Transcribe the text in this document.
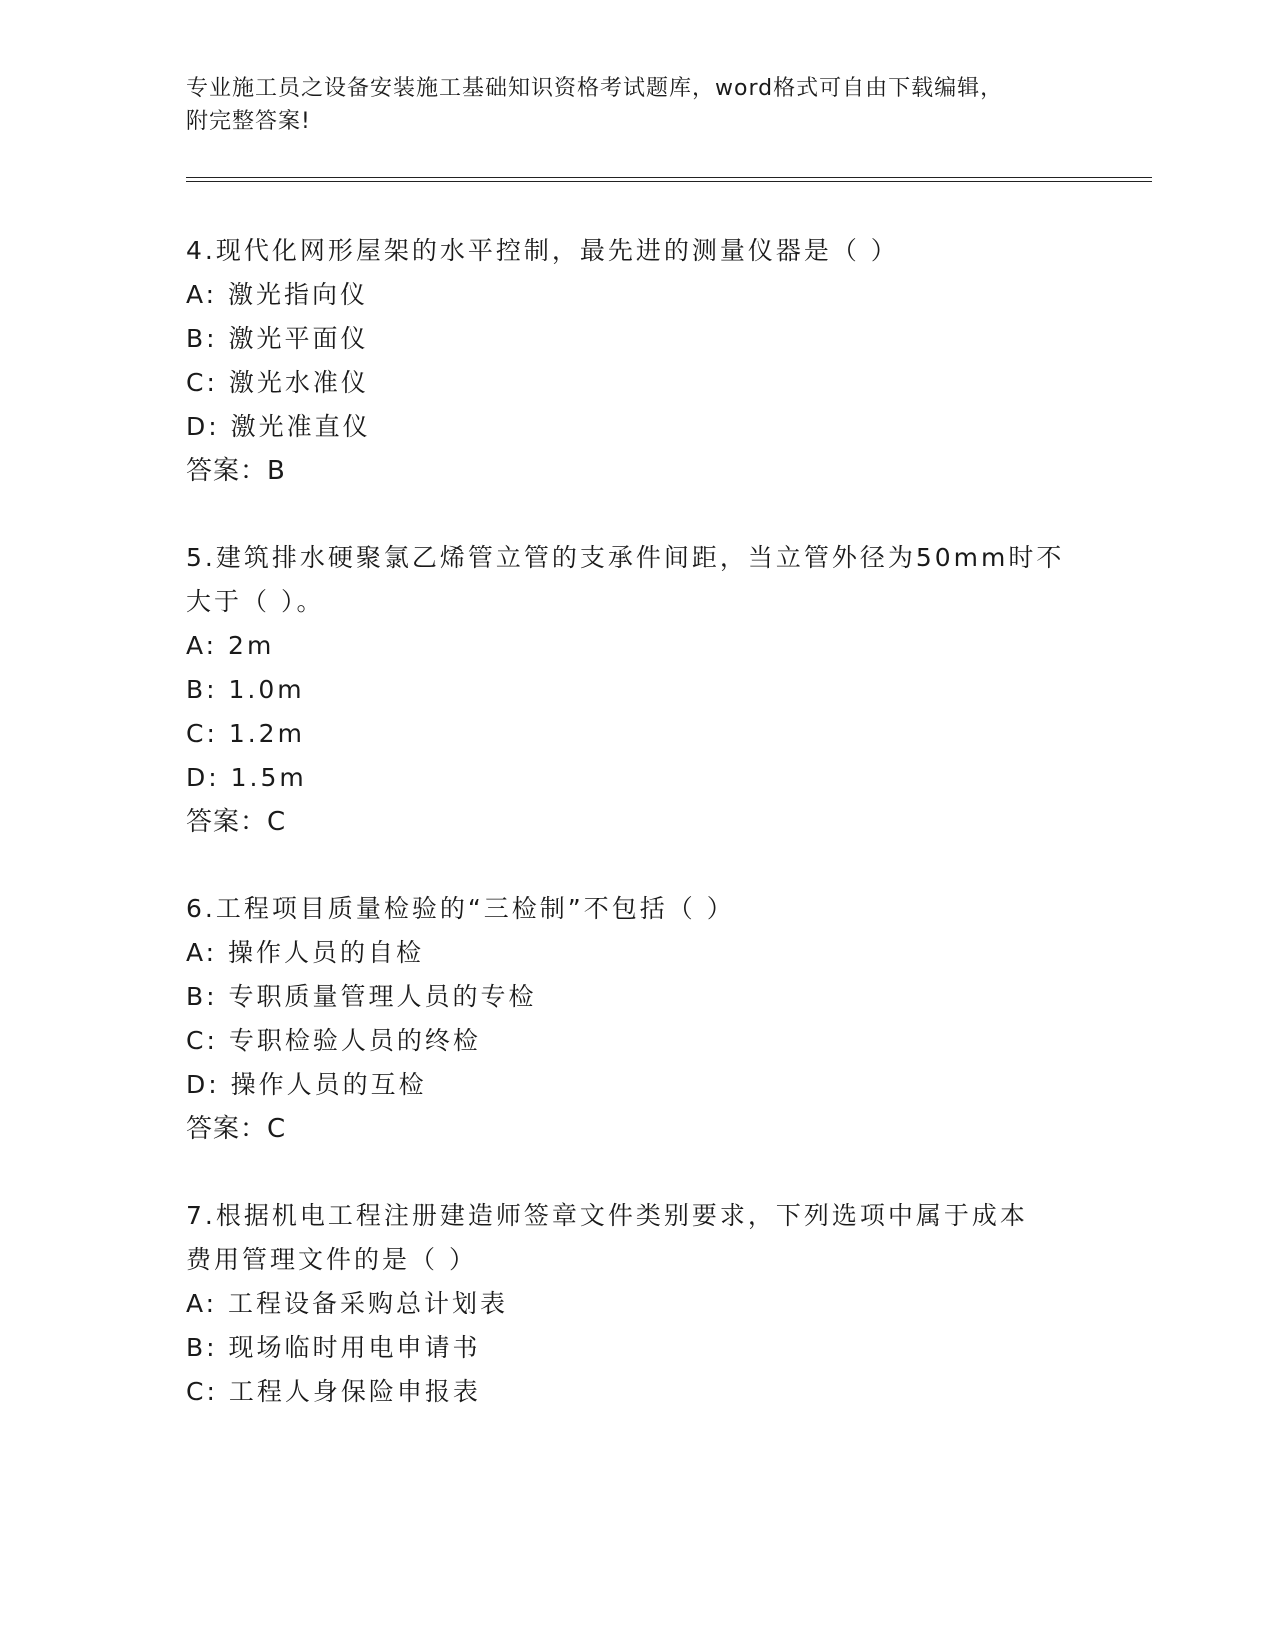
专业施工员之设备安装施工基础知识资格考试题库，word格式可自由下载编辑，
附完整答案!
4.现代化网形屋架的水平控制，最先进的测量仪器是（ ）
A: 激光指向仪
B: 激光平面仪
C: 激光水准仪
D: 激光准直仪
答案：B
5.建筑排水硬聚氯乙烯管立管的支承件间距，当立管外径为50mm时不
大于（ ）。
A: 2m
B: 1.0m
C: 1.2m
D: 1.5m
答案：C
6.工程项目质量检验的“三检制”不包括（ ）
A: 操作人员的自检
B: 专职质量管理人员的专检
C: 专职检验人员的终检
D: 操作人员的互检
答案：C
7.根据机电工程注册建造师签章文件类别要求，下列选项中属于成本
费用管理文件的是（ ）
A: 工程设备采购总计划表
B: 现场临时用电申请书
C: 工程人身保险申报表
